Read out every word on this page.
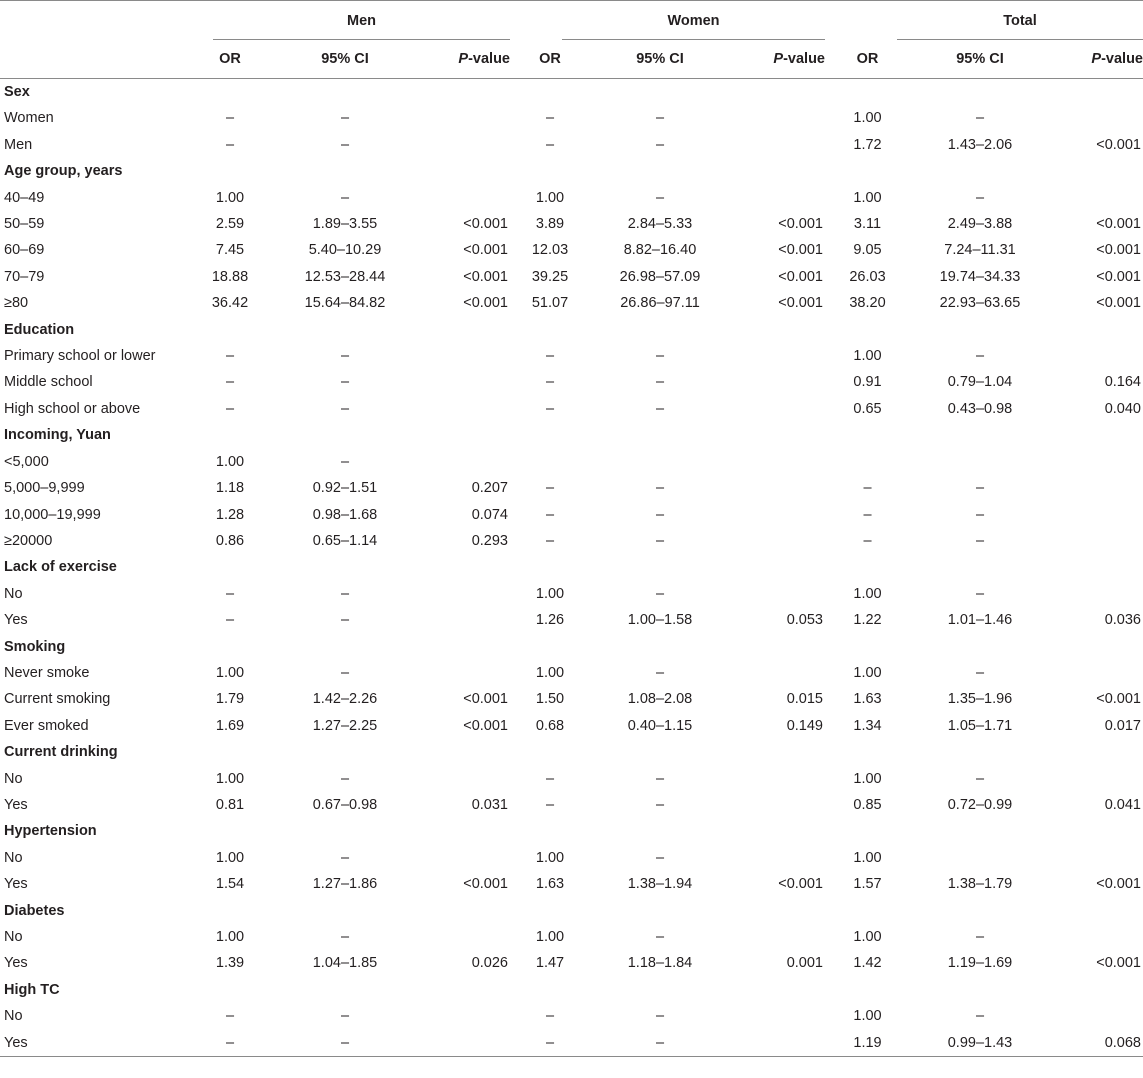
	Men			Women			Total		

	OR	95% CI	P-value	OR	95% CI	P-value	OR	95% CI	P-value
Sex									
Women	–	–		–	–		1.00	–	
Men	–	–		–	–		1.72	1.43–2.06	<0.001
Age group, years									
40–49	1.00	–		1.00	–		1.00	–	
50–59	2.59	1.89–3.55	<0.001	3.89	2.84–5.33	<0.001	3.11	2.49–3.88	<0.001
60–69	7.45	5.40–10.29	<0.001	12.03	8.82–16.40	<0.001	9.05	7.24–11.31	<0.001
70–79	18.88	12.53–28.44	<0.001	39.25	26.98–57.09	<0.001	26.03	19.74–34.33	<0.001
≥80	36.42	15.64–84.82	<0.001	51.07	26.86–97.11	<0.001	38.20	22.93–63.65	<0.001
Education									
Primary school or lower	–	–		–	–		1.00	–	
Middle school	–	–		–	–		0.91	0.79–1.04	0.164
High school or above	–	–		–	–		0.65	0.43–0.98	0.040
Incoming, Yuan									
<5,000	1.00	–							
5,000–9,999	1.18	0.92–1.51	0.207	–	–		–	–	
10,000–19,999	1.28	0.98–1.68	0.074	–	–		–	–	
≥20000	0.86	0.65–1.14	0.293	–	–		–	–	
Lack of exercise									
No	–	–		1.00	–		1.00	–	
Yes	–	–		1.26	1.00–1.58	0.053	1.22	1.01–1.46	0.036
Smoking									
Never smoke	1.00	–		1.00	–		1.00	–	
Current smoking	1.79	1.42–2.26	<0.001	1.50	1.08–2.08	0.015	1.63	1.35–1.96	<0.001
Ever smoked	1.69	1.27–2.25	<0.001	0.68	0.40–1.15	0.149	1.34	1.05–1.71	0.017
Current drinking									
No	1.00	–		–	–		1.00	–	
Yes	0.81	0.67–0.98	0.031	–	–		0.85	0.72–0.99	0.041
Hypertension									
No	1.00	–		1.00	–		1.00		
Yes	1.54	1.27–1.86	<0.001	1.63	1.38–1.94	<0.001	1.57	1.38–1.79	<0.001
Diabetes									
No	1.00	–		1.00	–		1.00	–	
Yes	1.39	1.04–1.85	0.026	1.47	1.18–1.84	0.001	1.42	1.19–1.69	<0.001
High TC									
No	–	–		–	–		1.00	–	
Yes	–	–		–	–		1.19	0.99–1.43	0.068
